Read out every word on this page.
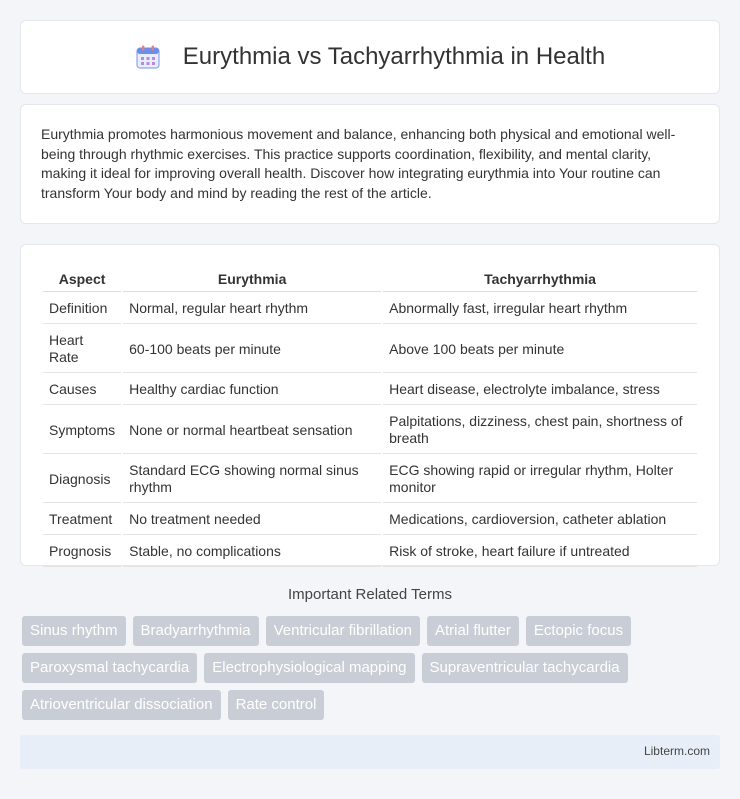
Eurythmia vs Tachyarrhythmia in Health

Eurythmia promotes harmonious movement and balance, enhancing both physical and emotional well-being through rhythmic exercises. This practice supports coordination, flexibility, and mental clarity, making it ideal for improving overall health. Discover how integrating eurythmia into Your routine can transform Your body and mind by reading the rest of the article.

Aspect	Eurythmia	Tachyarrhythmia
Definition	Normal, regular heart rhythm	Abnormally fast, irregular heart rhythm
Heart Rate	60-100 beats per minute	Above 100 beats per minute
Causes	Healthy cardiac function	Heart disease, electrolyte imbalance, stress
Symptoms	None or normal heartbeat sensation	Palpitations, dizziness, chest pain, shortness of breath
Diagnosis	Standard ECG showing normal sinus rhythm	ECG showing rapid or irregular rhythm, Holter monitor
Treatment	No treatment needed	Medications, cardioversion, catheter ablation
Prognosis	Stable, no complications	Risk of stroke, heart failure if untreated
Important Related Terms
Sinus rhythm	Bradyarrhythmia	Ventricular fibrillation	Atrial flutter	Ectopic focus
Paroxysmal tachycardia	Electrophysiological mapping	Supraventricular tachycardia
Atrioventricular dissociation	Rate control
Libterm.com
